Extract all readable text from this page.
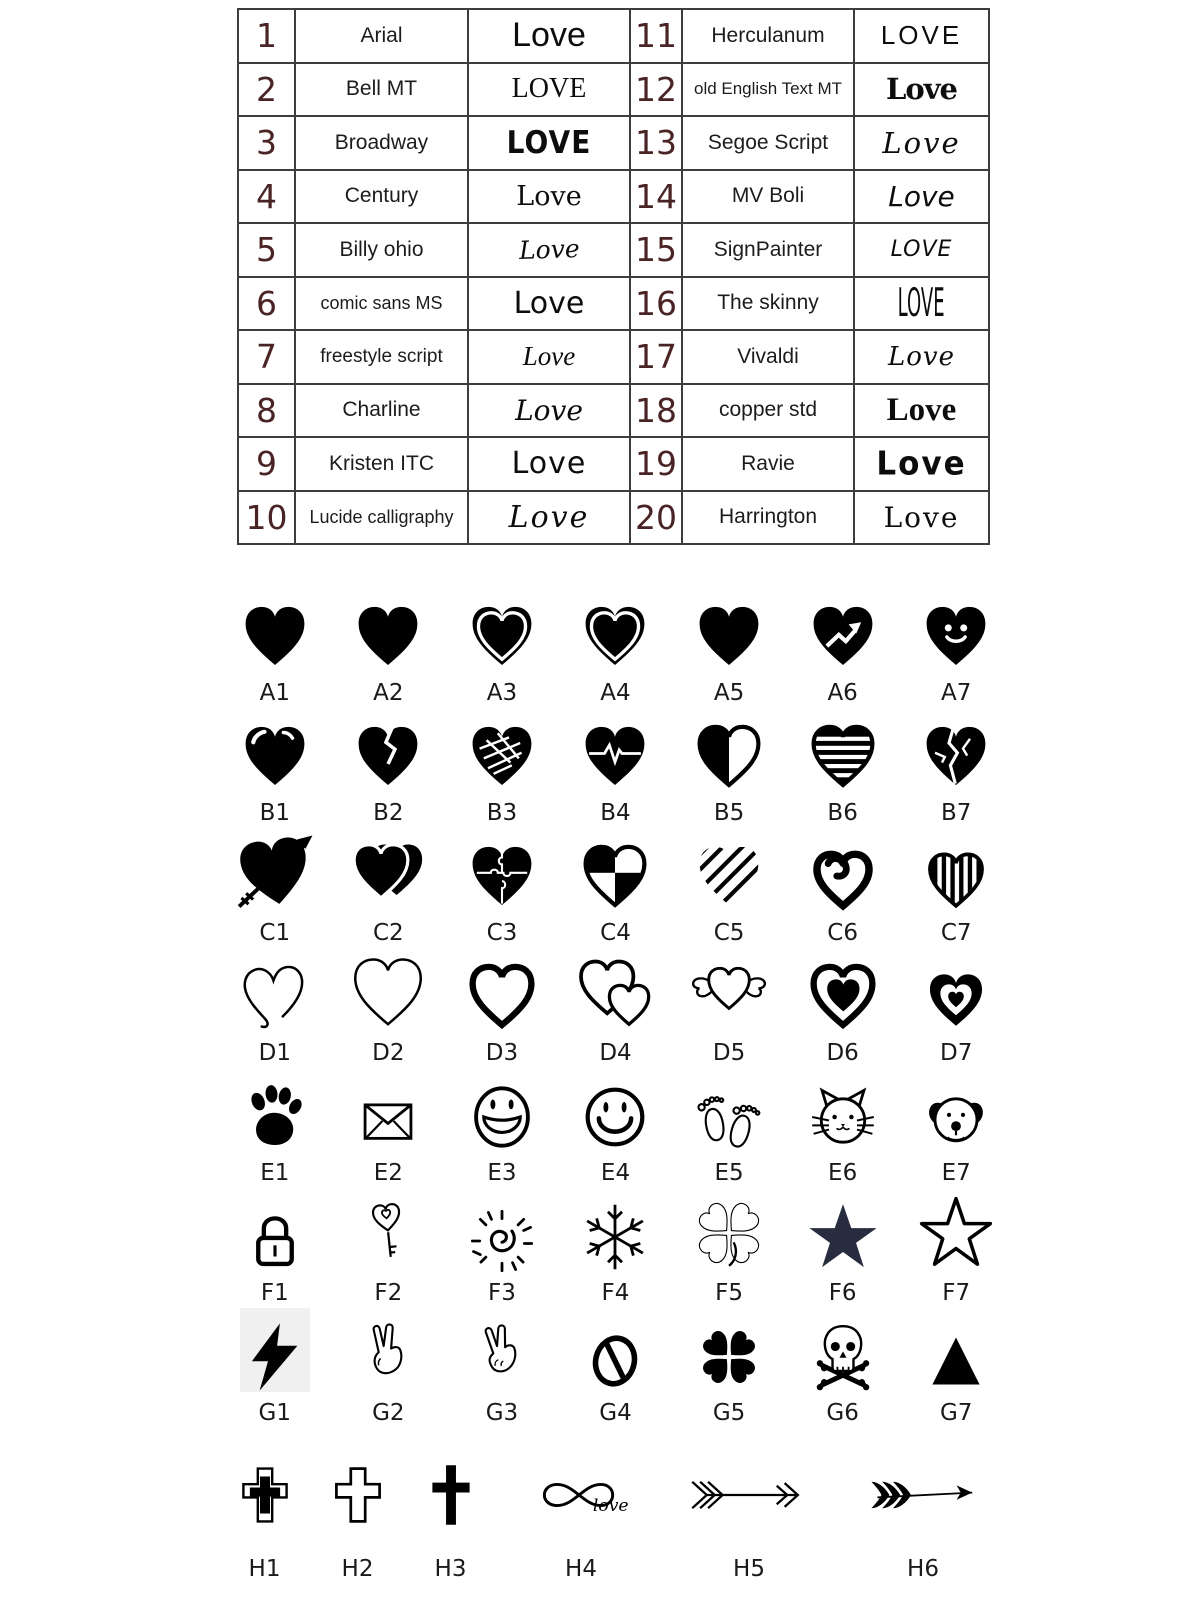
1	Arial	Love	11	Herculanum	LOVE
2	Bell MT	LOVE	12	old English Text MT	Love
3	Broadway	LOVE	13	Segoe Script	Love
4	Century	Love	14	MV Boli	Love
5	Billy ohio	Love	15	SignPainter	LOVE
6	comic sans MS	Love	16	The skinny	LOVE
7	freestyle script	Love	17	Vivaldi	Love
8	Charline	Love	18	copper std	Love
9	Kristen ITC	Love	19	Ravie	Love
10	Lucide calligraphy	Love	20	Harrington	Love
A1	A2	A3	A4	A5	A6	A7
B1	B2	B3	B4	B5	B6	B7
C1	C2	C3	C4	C5	C6	C7
D1	D2	D3	D4	D5	D6	D7
E1	E2	E3	E4	E5	E6	E7
F1	F2	F3	F4	F5	F6	F7
G1	G2	G3	G4	G5	G6	G7
H1	H2	H3	H4	H5	H6
